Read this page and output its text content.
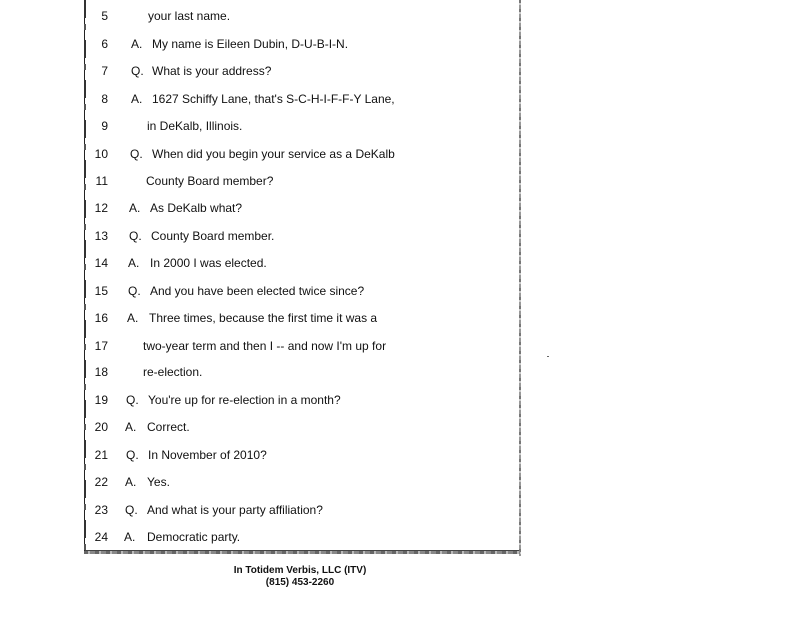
5	your last name.
6 A. My name is Eileen Dubin, D-U-B-I-N.
7 Q. What is your address?
8 A. 1627 Schiffy Lane, that's S-C-H-I-F-F-Y Lane,
9	in DeKalb, Illinois.
10 Q. When did you begin your service as a DeKalb
11	County Board member?
12 A. As DeKalb what?
13 Q. County Board member.
14 A. In 2000 I was elected.
15 Q. And you have been elected twice since?
16 A. Three times, because the first time it was a
17	two-year term and then I -- and now I'm up for
18	re-election.
19 Q. You're up for re-election in a month?
20 A. Correct.
21 Q. In November of 2010?
22 A. Yes.
23 Q. And what is your party affiliation?
24 A. Democratic party.
In Totidem Verbis, LLC (ITV)
(815) 453-2260
